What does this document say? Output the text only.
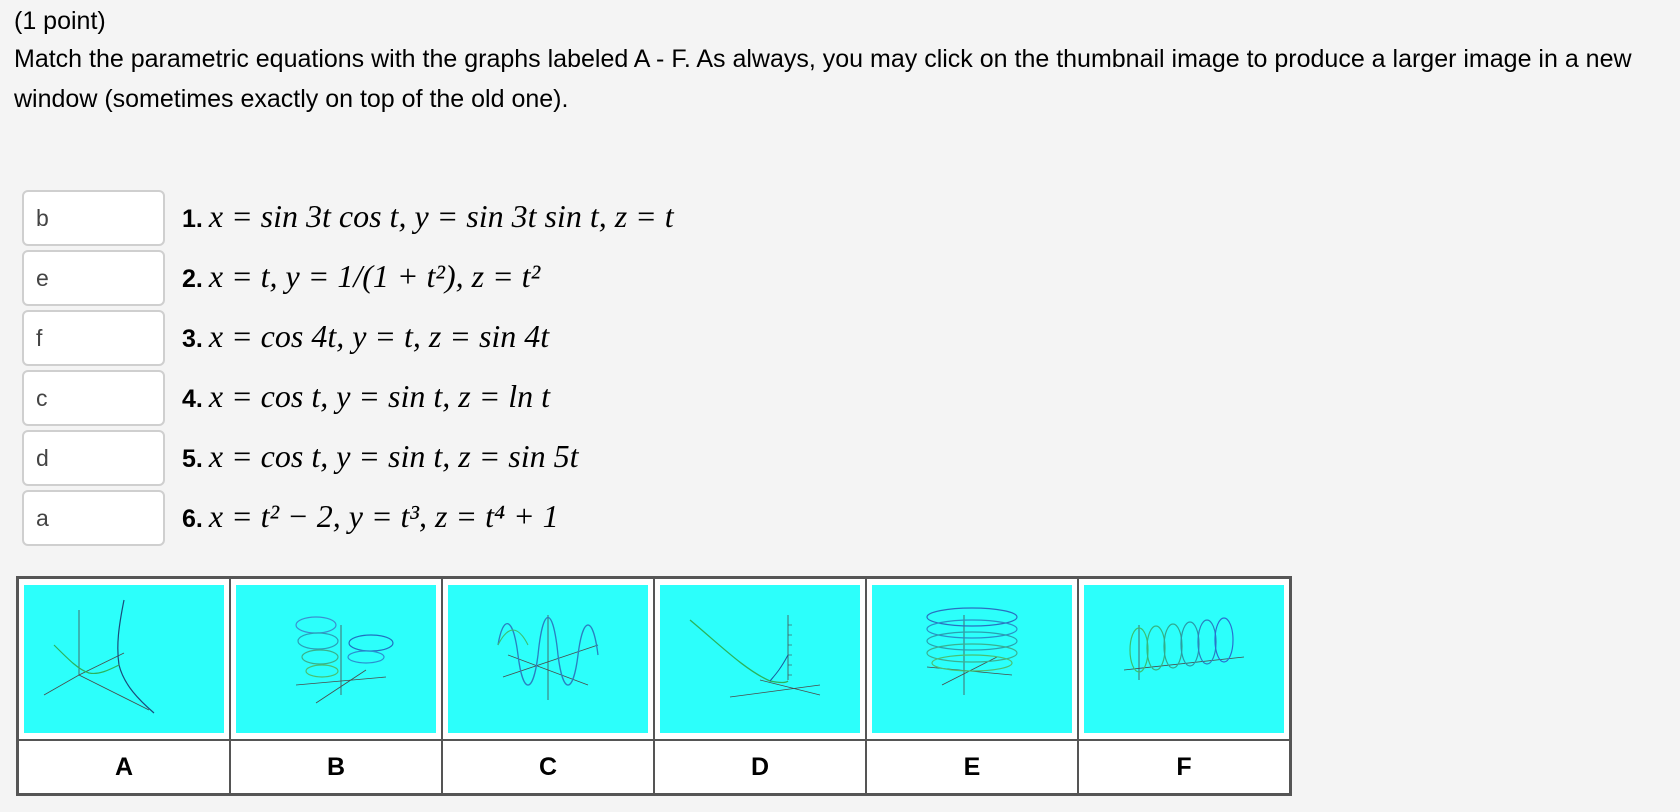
(1 point)
Match the parametric equations with the graphs labeled A - F. As always, you may click on the thumbnail image to produce a larger image in a new window (sometimes exactly on top of the old one).
b
1. x = sin 3t cos t, y = sin 3t sin t, z = t
e
2. x = t, y = 1/(1 + t²), z = t²
f
3. x = cos 4t, y = t, z = sin 4t
c
4. x = cos t, y = sin t, z = ln t
d
5. x = cos t, y = sin t, z = sin 5t
a
6. x = t² − 2, y = t³, z = t⁴ + 1

A	B	C	D	E	F
